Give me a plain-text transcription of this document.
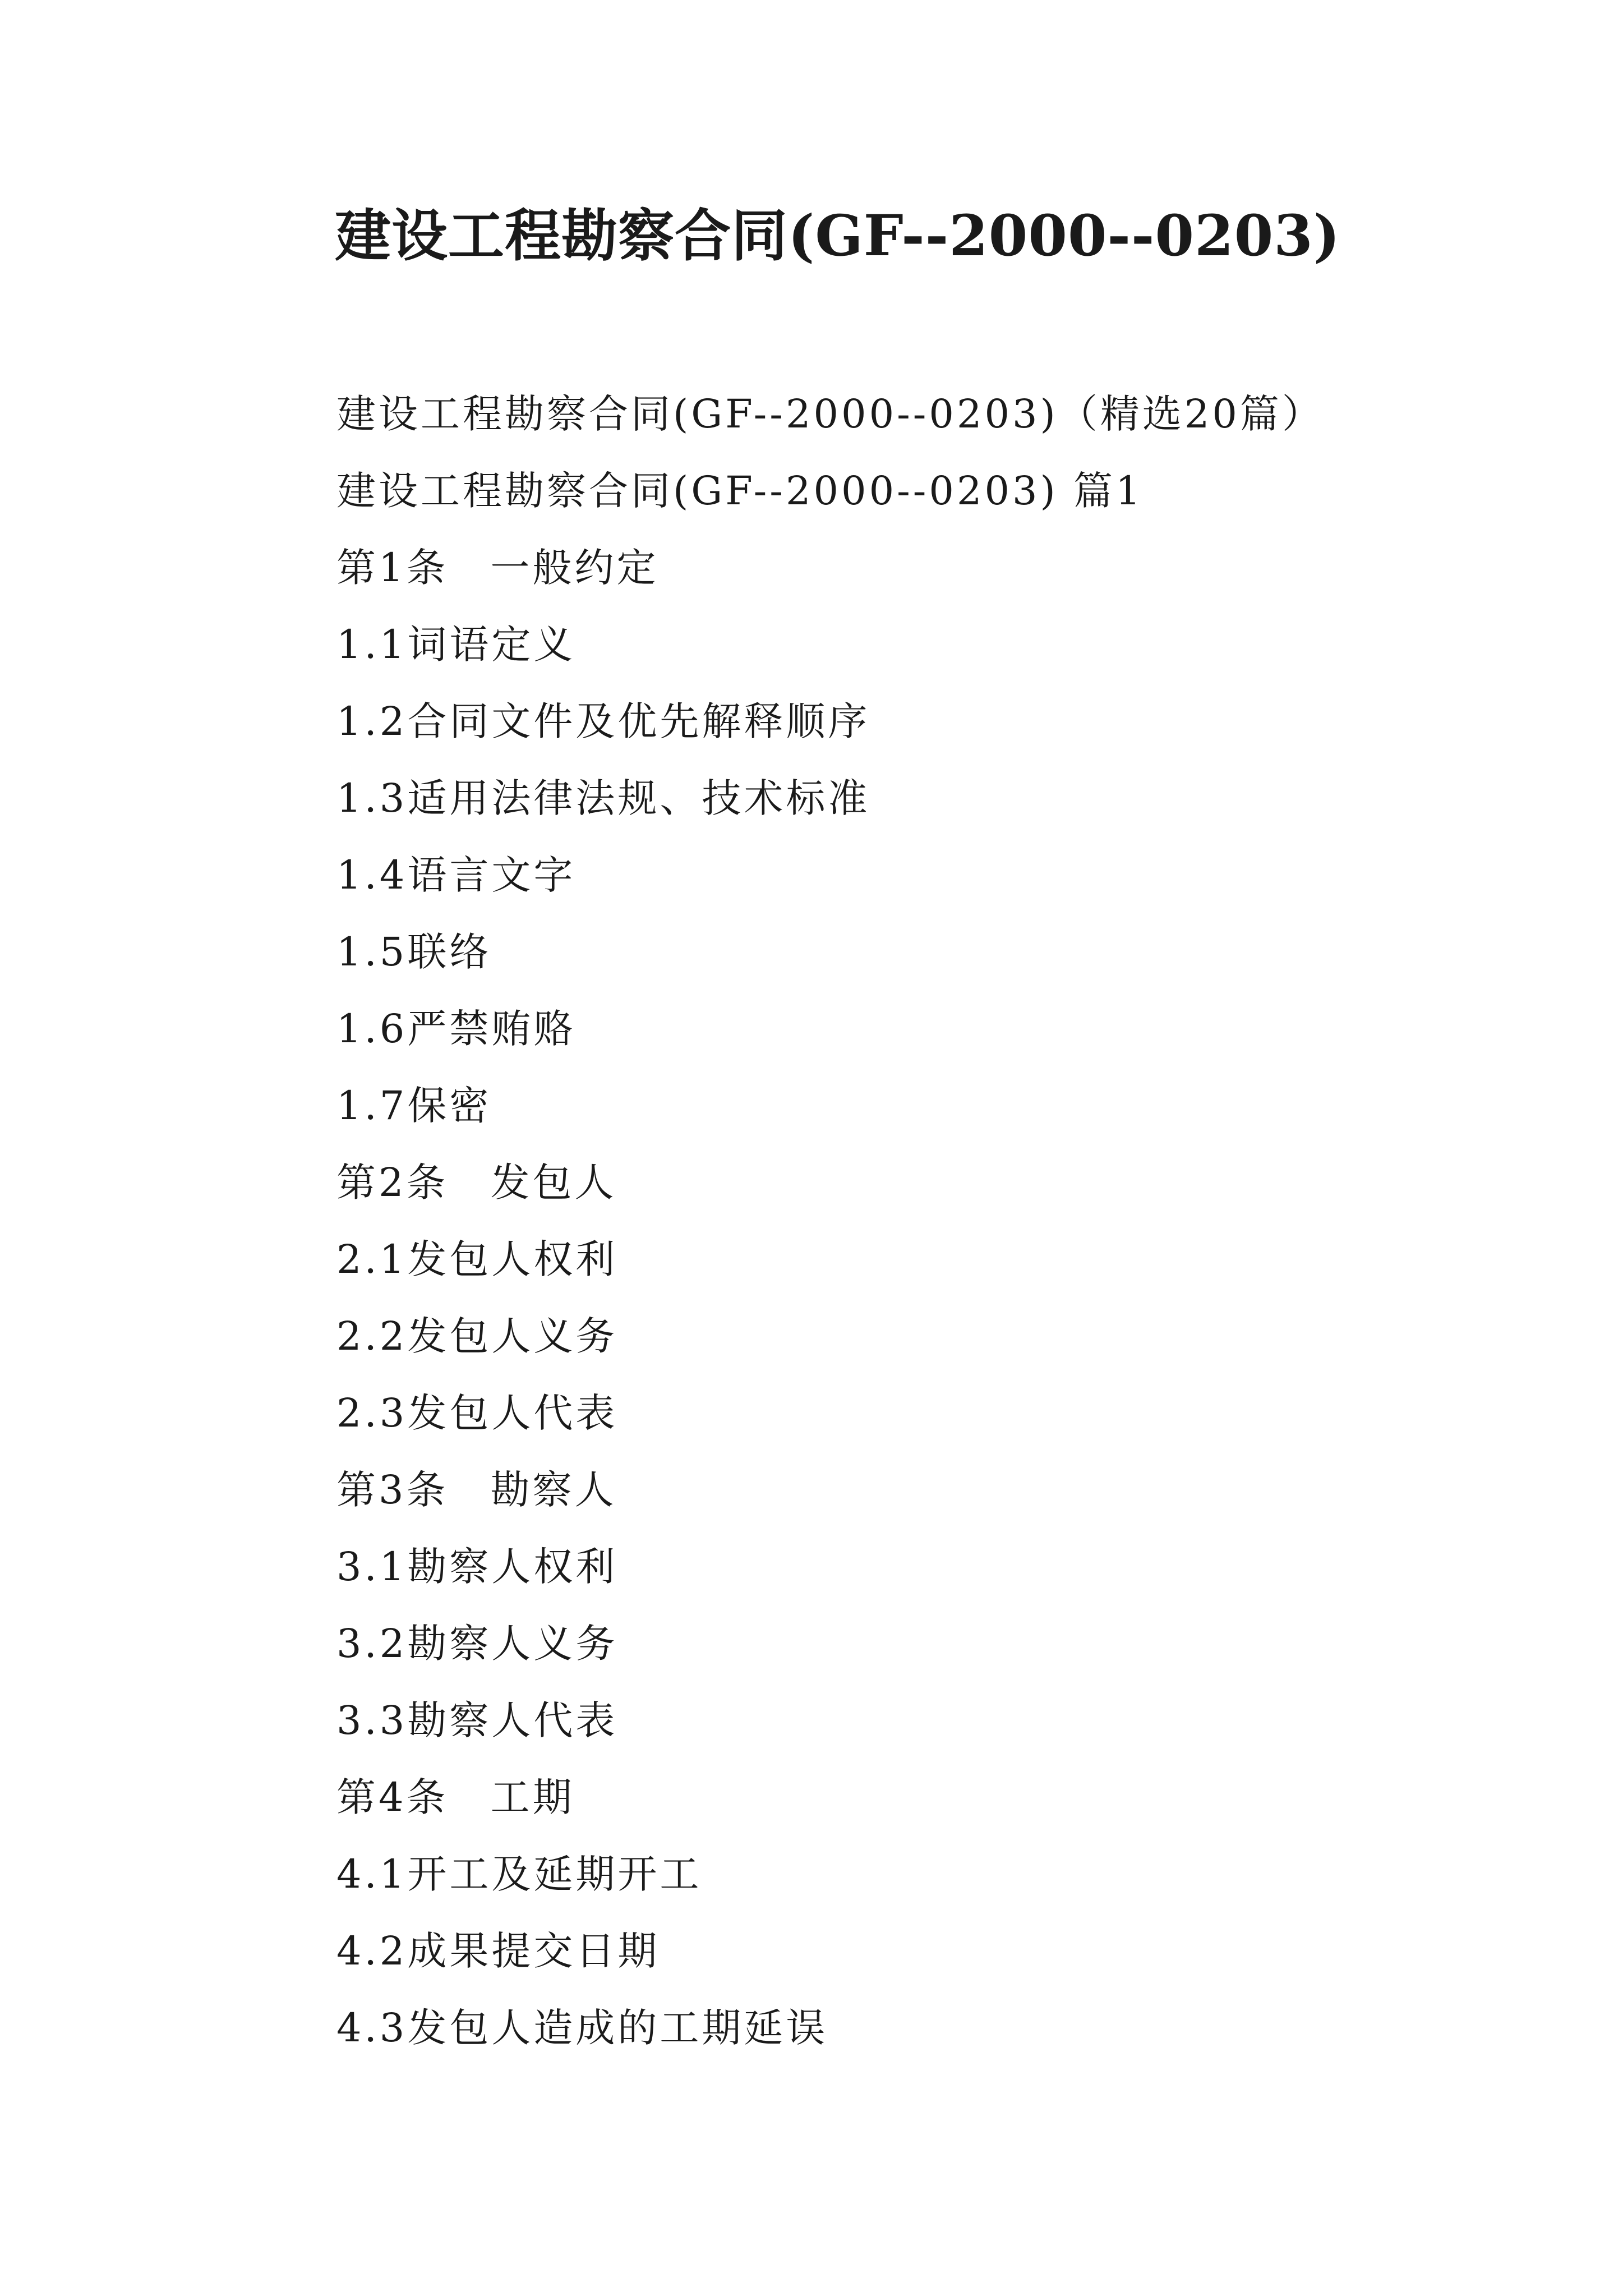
建设工程勘察合同(GF--2000--0203)
建设工程勘察合同(GF--2000--0203)（精选20篇）
建设工程勘察合同(GF--2000--0203) 篇1
第1条　一般约定
1.1词语定义
1.2合同文件及优先解释顺序
1.3适用法律法规、技术标准
1.4语言文字
1.5联络
1.6严禁贿赂
1.7保密
第2条　发包人
2.1发包人权利
2.2发包人义务
2.3发包人代表
第3条　勘察人
3.1勘察人权利
3.2勘察人义务
3.3勘察人代表
第4条　工期
4.1开工及延期开工
4.2成果提交日期
4.3发包人造成的工期延误
